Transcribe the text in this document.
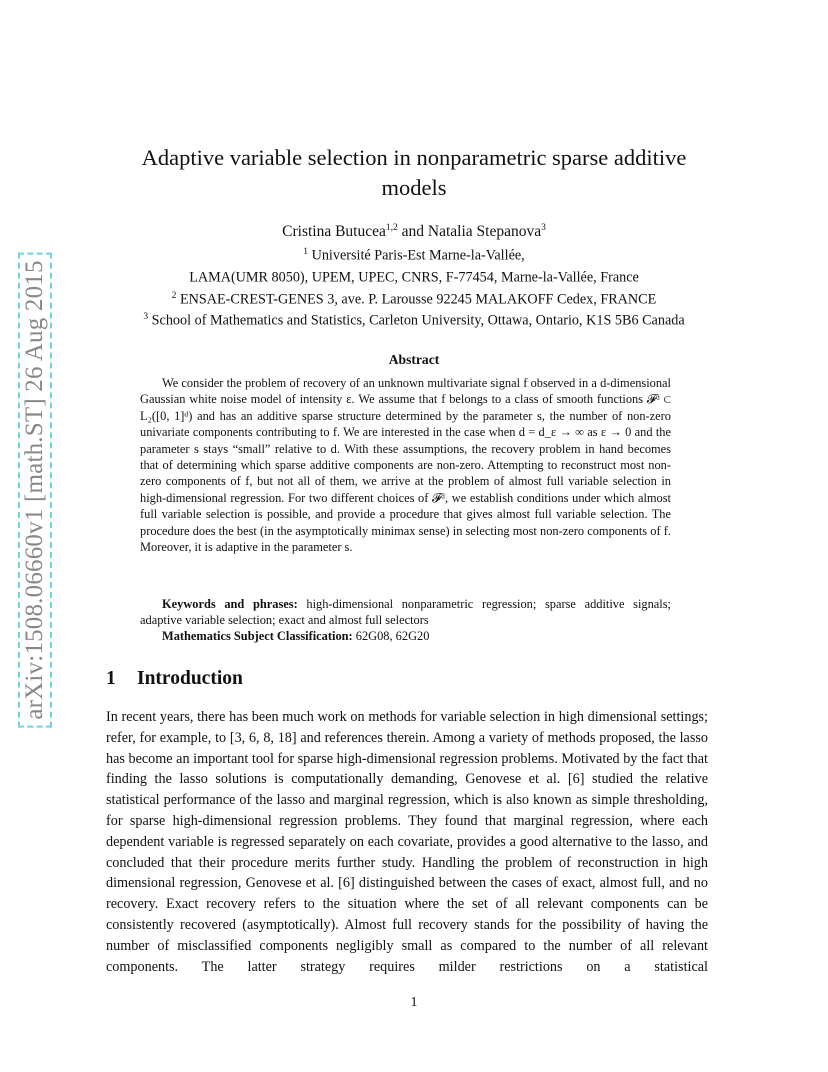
arXiv:1508.06660v1 [math.ST] 26 Aug 2015
Adaptive variable selection in nonparametric sparse additive models
Cristina Butucea$^{1,2}$ and Natalia Stepanova$^3$
$^1$ Université Paris-Est Marne-la-Vallée,
LAMA(UMR 8050), UPEM, UPEC, CNRS, F-77454, Marne-la-Vallée, France
$^2$ ENSAE-CREST-GENES 3, ave. P. Larousse 92245 MALAKOFF Cedex, FRANCE
$^3$ School of Mathematics and Statistics, Carleton University, Ottawa, Ontario, K1S 5B6 Canada
Abstract

We consider the problem of recovery of an unknown multivariate signal f observed in a d-dimensional Gaussian white noise model of intensity ε. We assume that f belongs to a class of smooth functions 𝓕ᵈ ⊂ L₂([0, 1]ᵈ) and has an additive sparse structure determined by the parameter s, the number of non-zero univariate components contributing to f. We are interested in the case when d = d_ε → ∞ as ε → 0 and the parameter s stays “small” relative to d. With these assumptions, the recovery problem in hand becomes that of determining which sparse additive components are non-zero. Attempting to reconstruct most non-zero components of f, but not all of them, we arrive at the problem of almost full variable selection in high-dimensional regression. For two different choices of 𝓕ᵈ, we establish conditions under which almost full variable selection is possible, and provide a procedure that gives almost full variable selection. The procedure does the best (in the asymptotically minimax sense) in selecting most non-zero components of f. Moreover, it is adaptive in the parameter s.

Keywords and phrases: high-dimensional nonparametric regression; sparse additive signals; adaptive variable selection; exact and almost full selectors

Mathematics Subject Classification: 62G08, 62G20

1 Introduction

In recent years, there has been much work on methods for variable selection in high dimensional settings; refer, for example, to [3, 6, 8, 18] and references therein. Among a variety of methods proposed, the lasso has become an important tool for sparse high-dimensional regression problems. Motivated by the fact that finding the lasso solutions is computationally demanding, Genovese et al. [6] studied the relative statistical performance of the lasso and marginal regression, which is also known as simple thresholding, for sparse high-dimensional regression problems. They found that marginal regression, where each dependent variable is regressed separately on each covariate, provides a good alternative to the lasso, and concluded that their procedure merits further study. Handling the problem of reconstruction in high dimensional regression, Genovese et al. [6] distinguished between the cases of exact, almost full, and no recovery. Exact recovery refers to the situation where the set of all relevant components can be consistently recovered (asymptotically). Almost full recovery stands for the possibility of having the number of misclassified components negligibly small as compared to the number of all relevant components. The latter strategy requires milder restrictions on a statistical

1
